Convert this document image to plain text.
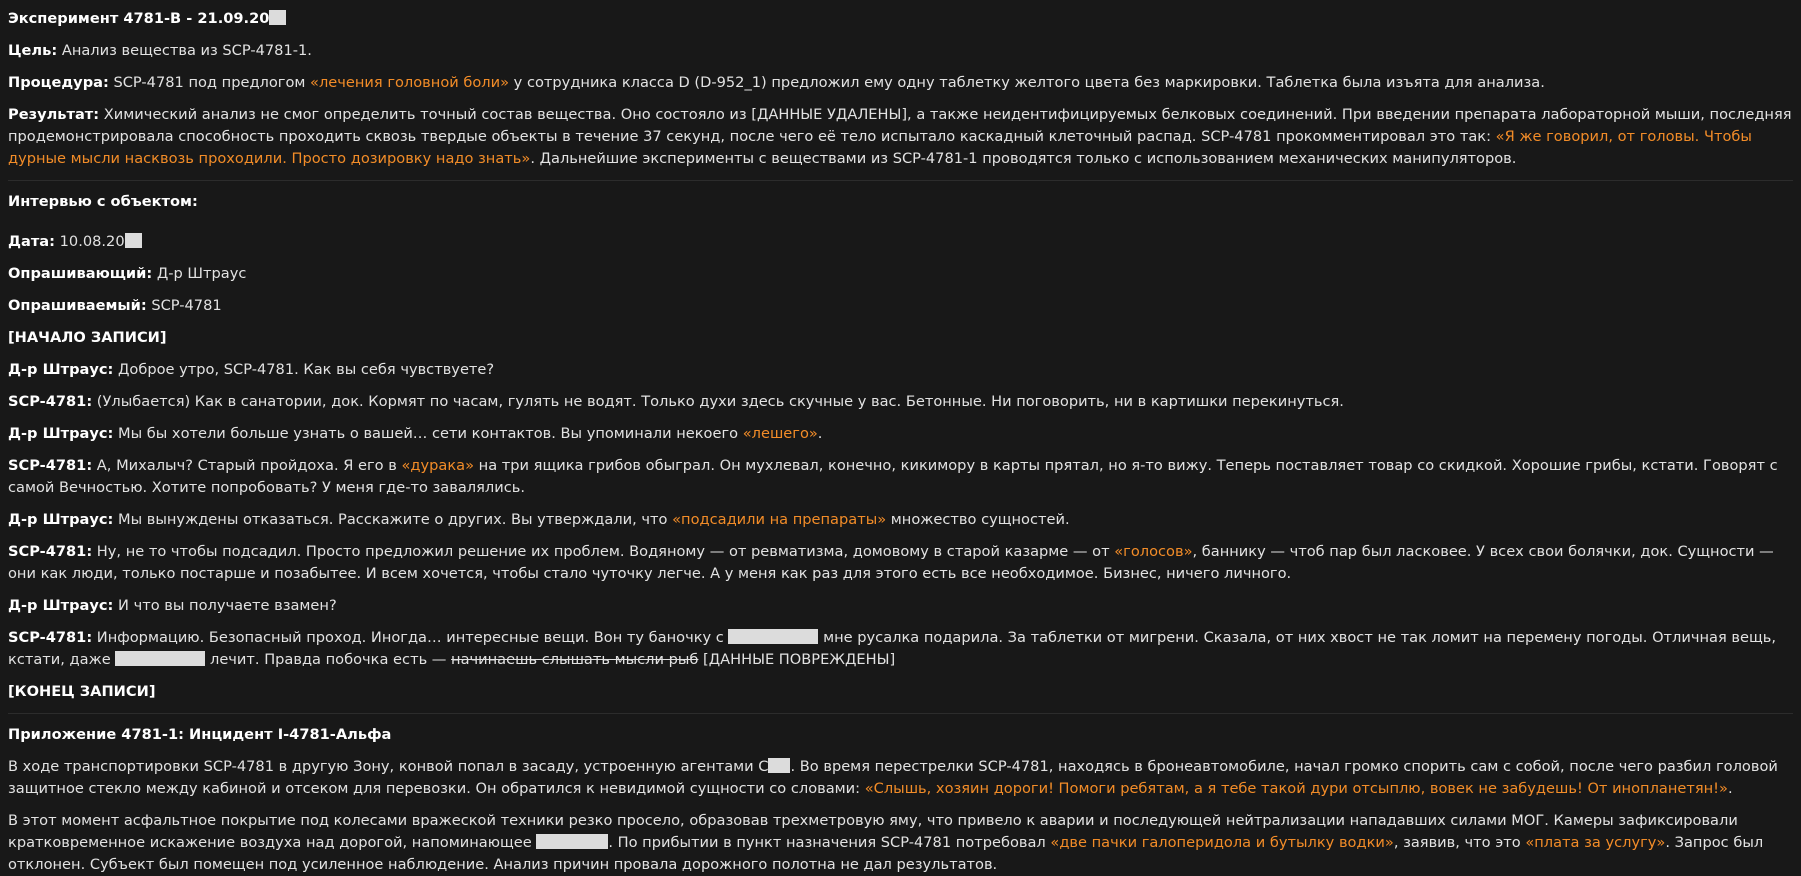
Эксперимент 4781-В - 21.09.20

Цель: Анализ вещества из SCP-4781-1.

Процедура: SCP-4781 под предлогом «лечения головной боли» у сотрудника класса D (D-952_1) предложил ему одну таблетку желтого цвета без маркировки. Таблетка была изъята для анализа.

Результат: Химический анализ не смог определить точный состав вещества. Оно состояло из [ДАННЫЕ УДАЛЕНЫ], а также неидентифицируемых белковых соединений. При введении препарата лабораторной мыши, последняя продемонстрировала способность проходить сквозь твердые объекты в течение 37 секунд, после чего её тело испытало каскадный клеточный распад. SCP-4781 прокомментировал это так: «Я же говорил, от головы. Чтобы дурные мысли насквозь проходили. Просто дозировку надо знать». Дальнейшие эксперименты с веществами из SCP-4781-1 проводятся только с использованием механических манипуляторов.

Интервью с объектом:

Дата: 10.08.20

Опрашивающий: Д-р Штраус

Опрашиваемый: SCP-4781

[НАЧАЛО ЗАПИСИ]

Д-р Штраус: Доброе утро, SCP-4781. Как вы себя чувствуете?

SCP-4781: (Улыбается) Как в санатории, док. Кормят по часам, гулять не водят. Только духи здесь скучные у вас. Бетонные. Ни поговорить, ни в картишки перекинуться.

Д-р Штраус: Мы бы хотели больше узнать о вашей… сети контактов. Вы упоминали некоего «лешего».

SCP-4781: А, Михалыч? Старый пройдоха. Я его в «дурака» на три ящика грибов обыграл. Он мухлевал, конечно, кикимору в карты прятал, но я-то вижу. Теперь поставляет товар со скидкой. Хорошие грибы, кстати. Говорят с самой Вечностью. Хотите попробовать? У меня где-то завалялись.

Д-р Штраус: Мы вынуждены отказаться. Расскажите о других. Вы утверждали, что «подсадили на препараты» множество сущностей.

SCP-4781: Ну, не то чтобы подсадил. Просто предложил решение их проблем. Водяному — от ревматизма, домовому в старой казарме — от «голосов», баннику — чтоб пар был ласковее. У всех свои болячки, док. Сущности — они как люди, только постарше и позабытее. И всем хочется, чтобы стало чуточку легче. А у меня как раз для этого есть все необходимое. Бизнес, ничего личного.

Д-р Штраус: И что вы получаете взамен?

SCP-4781: Информацию. Безопасный проход. Иногда… интересные вещи. Вон ту баночку с	мне русалка подарила. За таблетки от мигрени. Сказала, от них хвост не так ломит на перемену погоды. Отличная вещь, кстати, даже	лечит. Правда побочка есть — начинаешь слышать мысли рыб [ДАННЫЕ ПОВРЕЖДЕНЫ]

[КОНЕЦ ЗАПИСИ]

Приложение 4781-1: Инцидент I-4781-Альфа

В ходе транспортировки SCP-4781 в другую Зону, конвой попал в засаду, устроенную агентами С . Во время перестрелки SCP-4781, находясь в бронеавтомобиле, начал громко спорить сам с собой, после чего разбил головой защитное стекло между кабиной и отсеком для перевозки. Он обратился к невидимой сущности со словами: «Слышь, хозяин дороги! Помоги ребятам, а я тебе такой дури отсыплю, вовек не забудешь! От инопланетян!».

В этот момент асфальтное покрытие под колесами вражеской техники резко просело, образовав трехметровую яму, что привело к аварии и последующей нейтрализации нападавших силами МОГ. Камеры зафиксировали кратковременное искажение воздуха над дорогой, напоминающее	. По прибытии в пункт назначения SCP-4781 потребовал «две пачки галоперидола и бутылку водки», заявив, что это «плата за услугу». Запрос был отклонен. Субъект был помещен под усиленное наблюдение. Анализ причин провала дорожного полотна не дал результатов.
